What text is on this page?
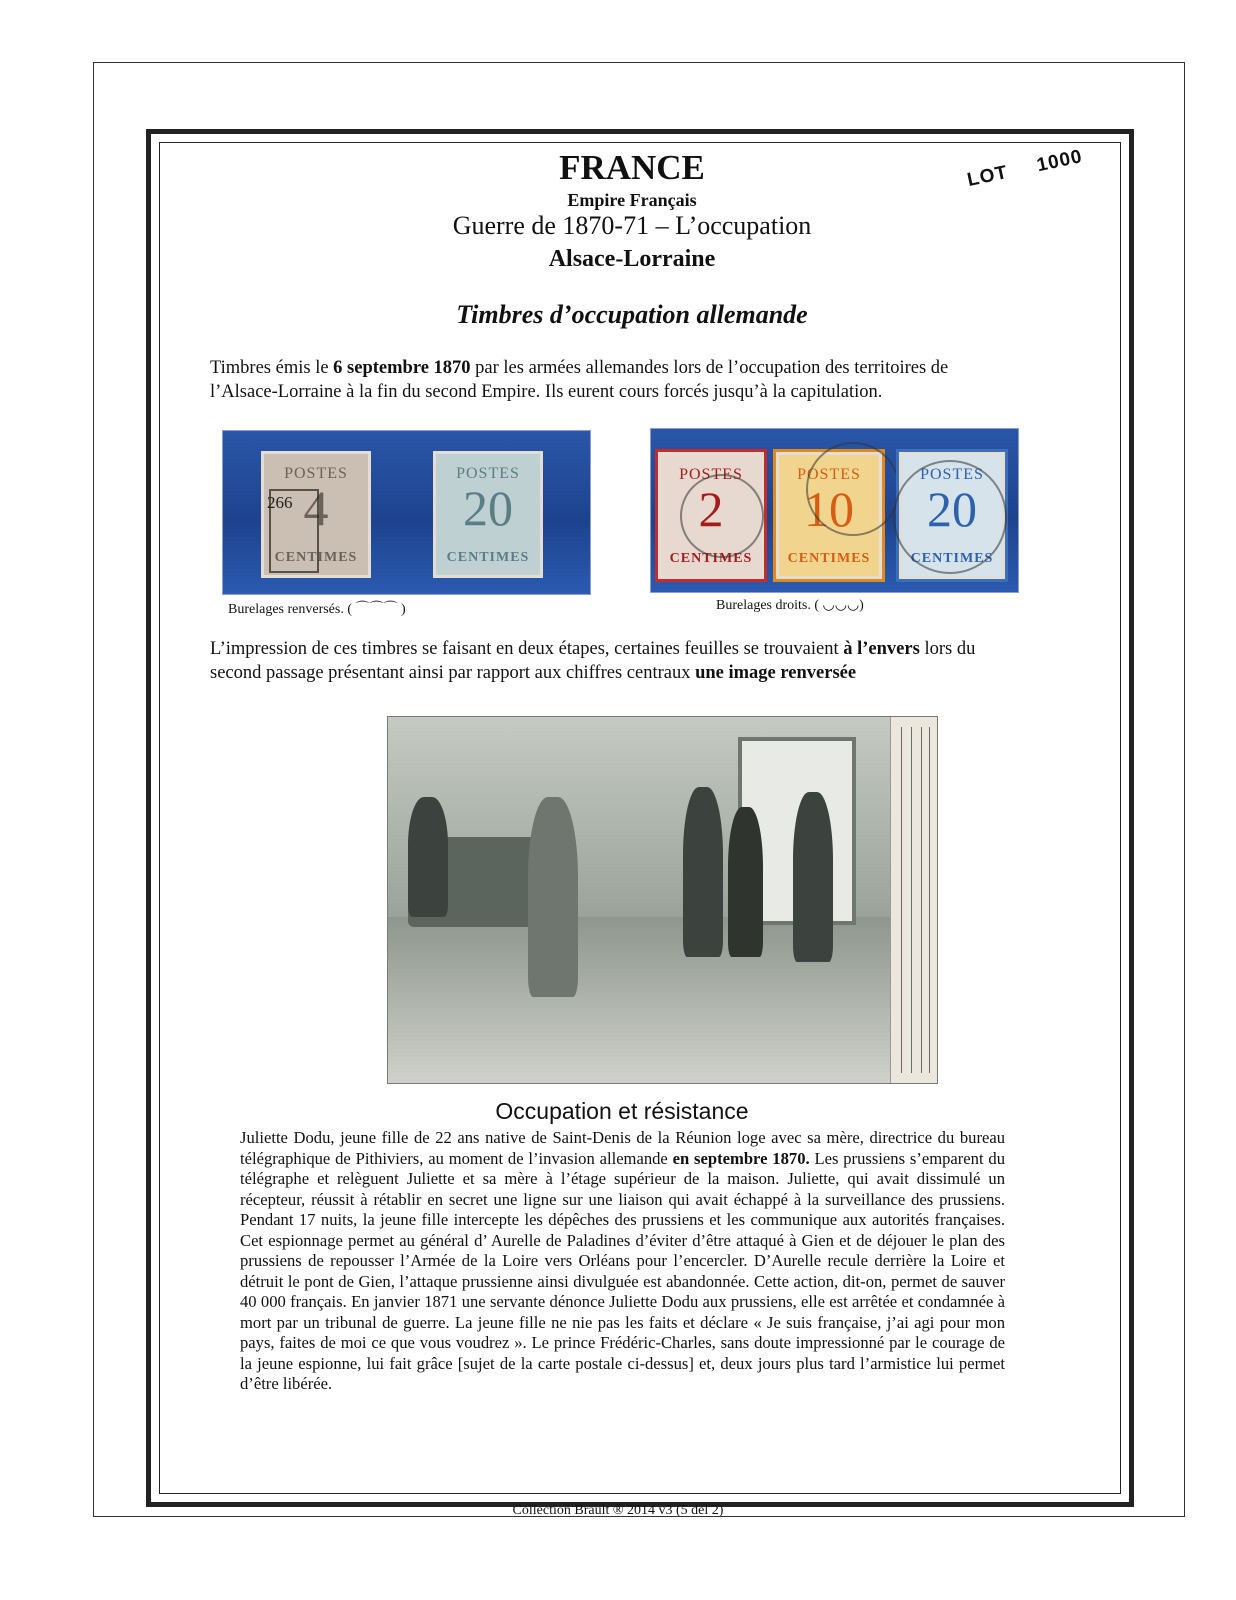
FRANCE
Empire Français
Guerre de 1870-71 – L’occupation
Alsace-Lorraine
LOT1000
Timbres d’occupation allemande
Timbres émis le 6 septembre 1870 par les armées allemandes lors de l’occupation des territoires de l’Alsace-Lorraine à la fin du second Empire. Ils eurent cours forcés jusqu’à la capitulation.
POSTES
4
CENTIMES
266
POSTES
20
CENTIMES
Burelages renversés. ( ⌒⌒⌒ )
POSTES
2
CENTIMES
POSTES
10
CENTIMES
POSTES
20
CENTIMES
Burelages droits. ( ◡◡◡)
L’impression de ces timbres se faisant en deux étapes, certaines feuilles se trouvaient à l’envers lors du second passage présentant ainsi par rapport aux chiffres centraux une image renversée
Occupation et résistance
Juliette Dodu, jeune fille de 22 ans native de Saint-Denis de la Réunion loge avec sa mère, directrice du bureau télégraphique de Pithiviers, au moment de l’invasion allemande en septembre 1870. Les prussiens s’emparent du télégraphe et relèguent Juliette et sa mère à l’étage supérieur de la maison. Juliette, qui avait dissimulé un récepteur, réussit à rétablir en secret une ligne sur une liaison qui avait échappé à la surveillance des prussiens. Pendant 17 nuits, la jeune fille intercepte les dépêches des prussiens et les communique aux autorités françaises. Cet espionnage permet au général d’ Aurelle de Paladines d’éviter d’être attaqué à Gien et de déjouer le plan des prussiens de repousser l’Armée de la Loire vers Orléans pour l’encercler. D’Aurelle recule derrière la Loire et détruit le pont de Gien, l’attaque prussienne ainsi divulguée est abandonnée. Cette action, dit-on, permet de sauver 40 000 français. En janvier 1871 une servante dénonce Juliette Dodu aux prussiens, elle est arrêtée et condamnée à mort par un tribunal de guerre. La jeune fille ne nie pas les faits et déclare « Je suis française, j’ai agi pour mon pays, faites de moi ce que vous voudrez ». Le prince Frédéric-Charles, sans doute impressionné par le courage de la jeune espionne, lui fait grâce [sujet de la carte postale ci-dessus] et, deux jours plus tard l’armistice lui permet d’être libérée.
Collection Brault ® 2014 v3 (5 del 2)
